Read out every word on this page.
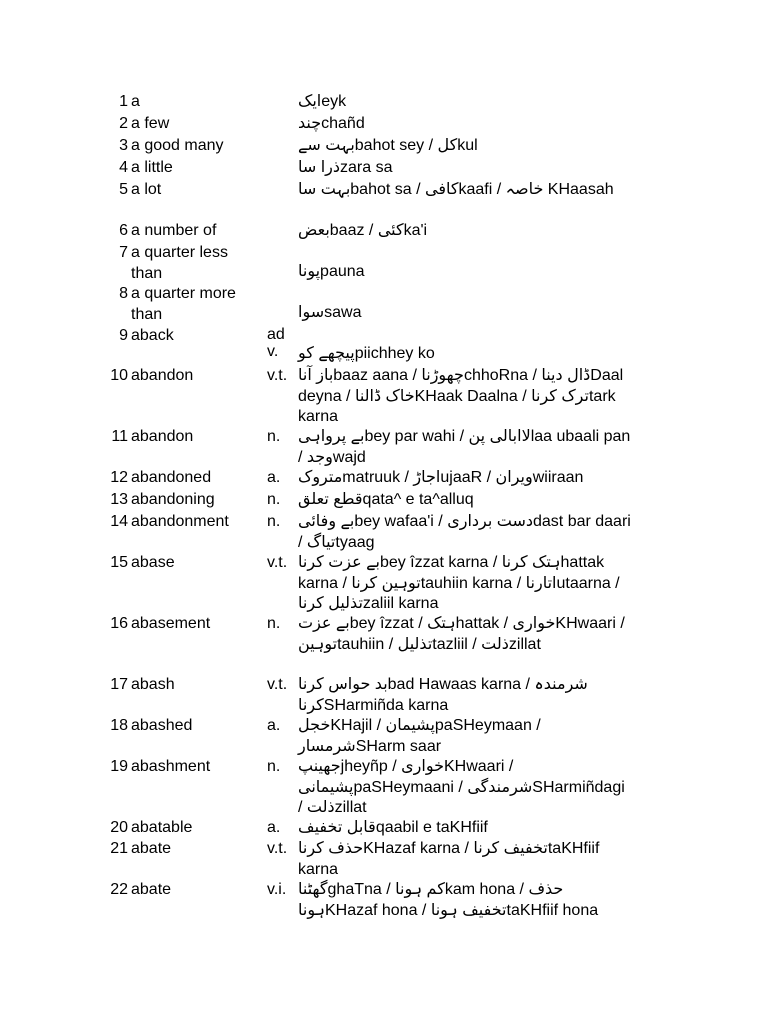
1 a	ایکeyk
2 a few	چندchañd
3 a good many	بہت سےbahot sey / کلkul
4 a little	ذرا ساzara sa
5 a lot	بہت ساbahot sa / کافیkaafi / خاصہ KHaasah
6 a number of	بعضbaaz / کئیka'i
7 a quarter less than	پوناpauna
8 a quarter more than	سواsawa
9 aback	ad v.	پیچھے کوpiichhey ko
10 abandon	v.t. باز آناbaaz aana / چھوڑناchhoRna / ڈال دیناDaal deyna / خاک ڈالناKHaak Daalna / ترک کرناtark karna
11 abandon	n.	بے پرواہیbey par wahi / لاابالی پنlaa ubaali pan / وجدwajd
12 abandoned	a.	متروکmatruuk / اجاڑujaaR / ویرانwiiraan
13 abandoning	n.	قطع تعلقqata^ e ta^alluq
14 abandonment	n.	بے وفائیbey wafaa'i / دست برداریdast bar daari / تیاگtyaag
15 abase	v.t. بے عزت کرناbey îzzat karna / ہتک کرناhattak karna / توہین کرناtauhiin karna / اتارناutaarna / تذلیل کرناzaliil karna
16 abasement	n.	بے عزتbey îzzat / ہتکhattak / خواریKHwaari / توہینtauhiin / تذلیلtazliil / ذلتzillat
17 abash	v.t. بد حواس کرناbad Hawaas karna / شرمندہ کرناSHarmiñda karna
18 abashed	a.	خجلKHajil / پشیمانpaSHeymaan / شرمسارSHarm saar
19 abashment	n.	جھینپjheyñp / خواریKHwaari / پشیمانیpaSHeymaani / شرمندگیSHarmiñdagi / ذلتzillat
20 abatable	a.	قابل تخفیفqaabil e taKHfiif
21 abate	v.t. حذف کرناKHazaf karna / تخفیف کرناtaKHfiif karna
22 abate	v.i. گھٹناghaTna / کم ہوناkam hona / حذف ہوناKHazaf hona / تخفیف ہوناtaKHfiif hona
